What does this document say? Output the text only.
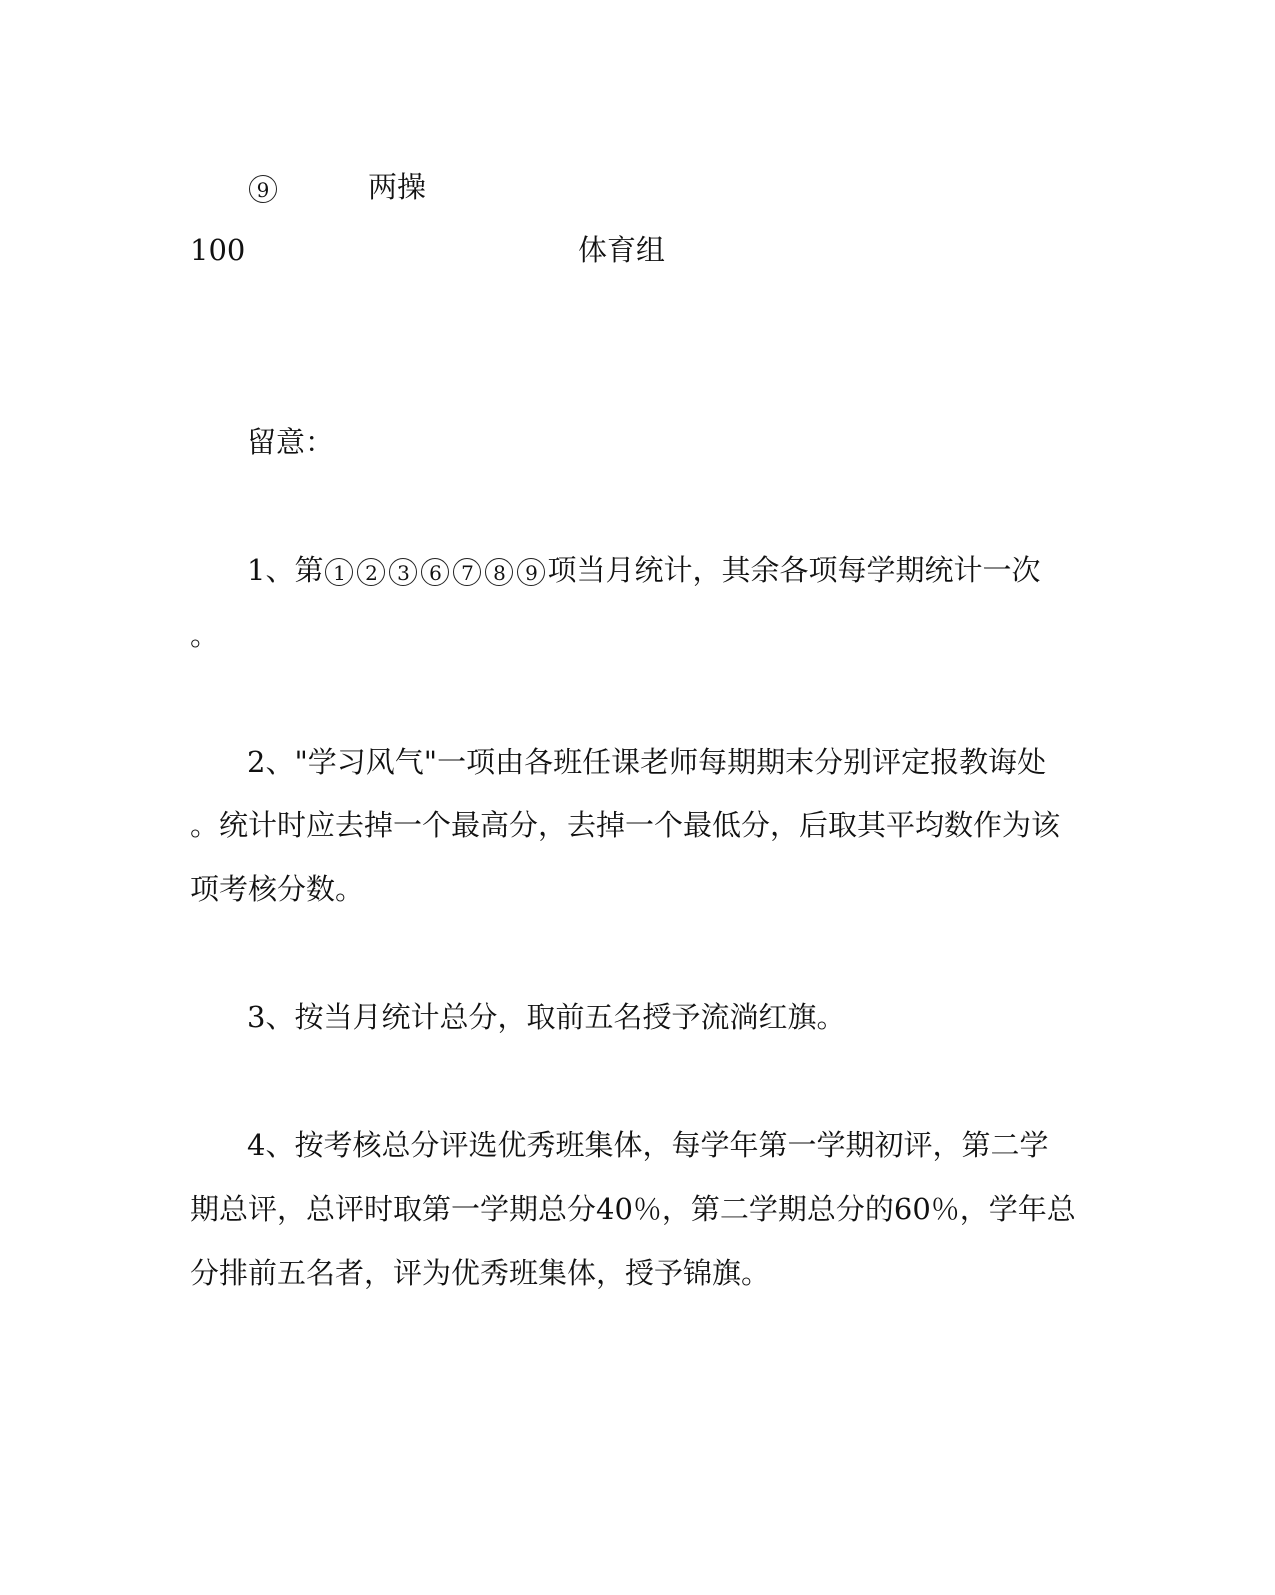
9	两操
100	体育组
留意：
1、第 1 2 3 6 7 8 9 项当月统计，其余各项每学期统计一次
。
2、"学习风气"一项由各班任课老师每期期末分别评定报教诲处
。统计时应去掉一个最高分，去掉一个最低分，后取其平均数作为该
项考核分数。
3、按当月统计总分，取前五名授予流淌红旗。
4、按考核总分评选优秀班集体，每学年第一学期初评，第二学
期总评，总评时取第一学期总分40％，第二学期总分的60％，学年总
分排前五名者，评为优秀班集体，授予锦旗。
